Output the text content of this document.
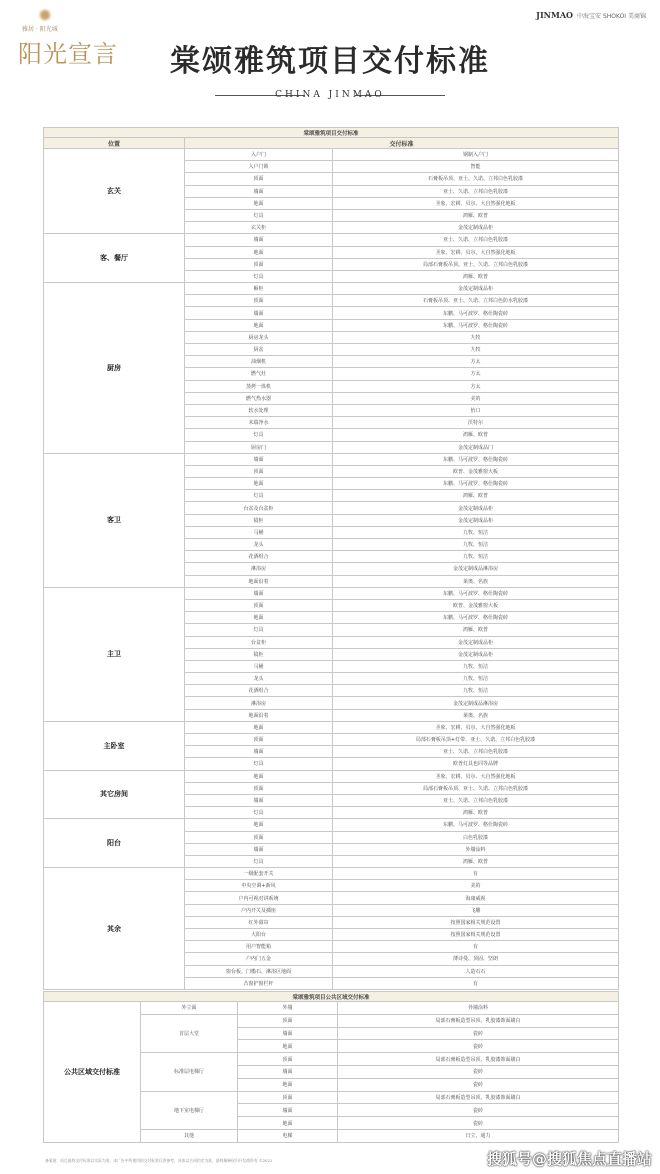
雅居 · 阳光城
阳光宣言
JINMAO 中海宝安 SHOKOI 美商锦
棠颂雅筑项目交付标准
CHINA JINMAO
棠颂雅筑项目交付标准		
位置	交付标准	
玄关	入户门	钢制入户门
	入户门锁	智能
	顶面	石膏板吊顶、亚士、久诺、立邦白色乳胶漆
	墙面	亚士、久诺、立邦白色乳胶漆
	地面	圣象、宏耕、贝尔、大自然强化地板
	灯具	鸿雁、欧普
	玄关柜	金茂定制成品柜
客、餐厅	墙面	亚士、久诺、立邦白色乳胶漆
	地面	圣象、宏耕、贝尔、大自然强化地板
	顶面	局部石膏板吊顶、亚士、久诺、立邦白色乳胶漆
	灯具	鸿雁、欧普
厨房	橱柜	金茂定制成品柜
	顶面	石膏板吊顶、亚士、久诺、立邦白色防水乳胶漆
	墙面	东鹏、马可波罗、格仕陶瓷砖
	地面	东鹏、马可波罗、格仕陶瓷砖
	厨房龙头	九牧
	厨盆	九牧
	油烟机	方太
	燃气灶	方太
	蒸烤一体机	方太
	燃气热水器	美的
	软水处理	怡口
	末端净水	沃特尔
	灯具	鸿雁、欧普
	厨房门	金茂定制成品门
客卫	墙面	东鹏、马可波罗、格仕陶瓷砖
	顶面	欧普、金茂雅窗大板
	地面	东鹏、马可波罗、格仕陶瓷砖
	灯具	鸿雁、欧普
	台盆及台盆柜	金茂定制成品柜
	镜柜	金茂定制成品柜
	马桶	九牧、恒洁
	龙头	九牧、恒洁
	花洒组合	九牧、恒洁
	淋浴房	金茂定制成品淋浴房
	地面沿着	莱奥、名族
主卫	墙面	东鹏、马可波罗、格仕陶瓷砖
	顶面	欧普、金茂雅窗大板
	地面	东鹏、马可波罗、格仕陶瓷砖
	灯具	鸿雁、欧普
	台盆柜	金茂定制成品柜
	镜柜	金茂定制成品柜
	马桶	九牧、恒洁
	龙头	九牧、恒洁
	花洒组合	九牧、恒洁
	淋浴房	金茂定制成品淋浴房
	地面沿着	莱奥、名族
主卧室	地面	圣象、宏耕、贝尔、大自然强化地板
	顶面	局部石膏板吊顶+灯带、亚士、久诺、立邦白色乳胶漆
	墙面	亚士、久诺、立邦白色乳胶漆
	灯具	欧普灯具也同等品牌
其它房间	地面	圣象、宏耕、贝尔、大自然强化地板
	顶面	局部石膏板吊顶、亚士、久诺、立邦白色乳胶漆
	墙面	亚士、久诺、立邦白色乳胶漆
	灯具	鸿雁、欧普
阳台	地面	东鹏、马可波罗、格仕陶瓷砖
	顶面	白色乳胶漆
	墙面	外墙涂料
	灯具	鸿雁、欧普
其余	一级配套开关	有
	中央空调+新风	美的
	户内可视对讲系统	海康威视
	户内开关及插座	飞雕
	红外幕帘	按照国家相关规范设置
	大阳台	按照国家相关规范设置
	用户智能箱	有
	户内门五金	薄诗曼、顶固、坚朗
	窗台板、门槛石、淋浴区地面	人造石石
	凸窗护窗栏杆	有
棠颂雅筑项目公共区域交付标准			
公共区域交付标准	外立面	外墙	外墙涂料
	首层大堂	顶面	局部石膏板造型吊顶、乳胶漆饰面刷白
		墙面	瓷砖
		地面	瓷砖
	标准层电梯厅	顶面	局部石膏板造型吊顶、乳胶漆饰面刷白
		墙面	瓷砖
		地面	瓷砖
	地下室电梯厅	顶面	局部石膏板造型吊顶、乳胶漆饰面刷白
		墙面	瓷砖
		地面	瓷砖
	其他	电梯	日立、通力
备案批：项目最终交付标准以实际为准，本广告中所使用的交付标准仅供参考，具体以合同约定为准，最终解释权归开发商所有 ©2021	搜狐号@搜狐焦点直播站
